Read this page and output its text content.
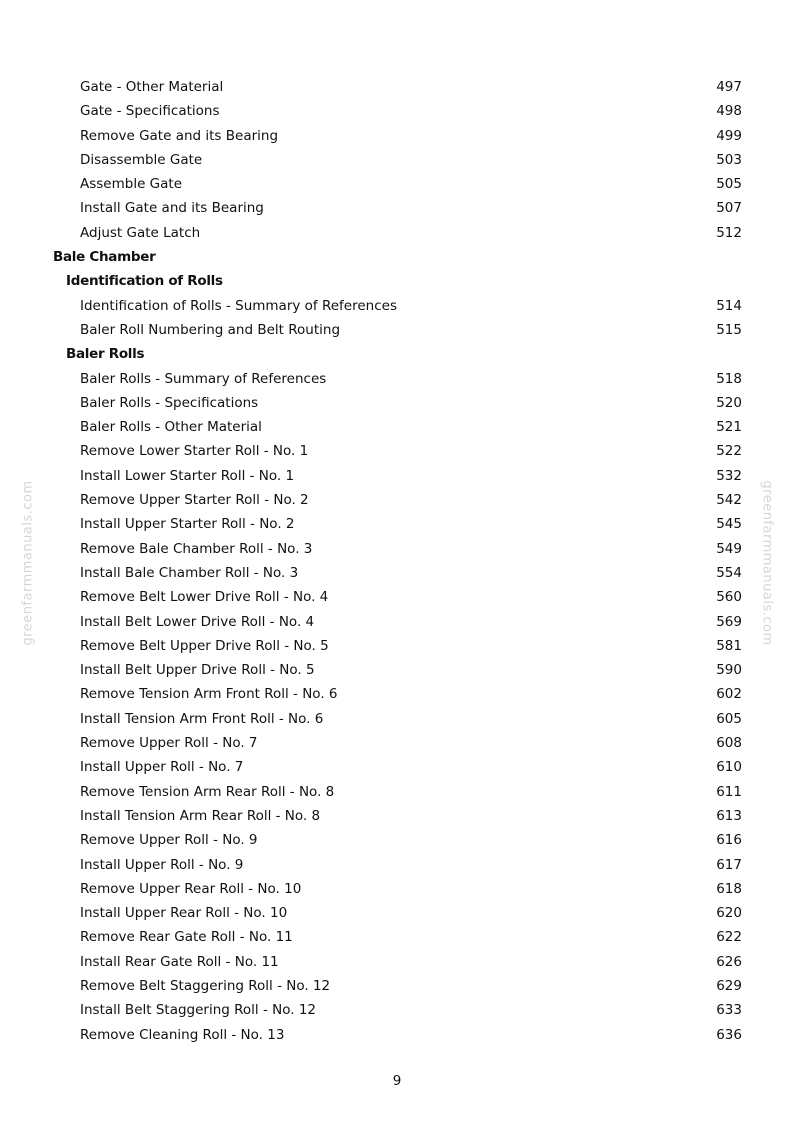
greenfarmmanuals.com	greenfarmmanuals.com
Gate - Other Material	497
Gate - Specifications	498
Remove Gate and its Bearing	499
Disassemble Gate	503
Assemble Gate	505
Install Gate and its Bearing	507
Adjust Gate Latch	512
Bale Chamber
Identification of Rolls
Identification of Rolls - Summary of References	514
Baler Roll Numbering and Belt Routing	515
Baler Rolls
Baler Rolls - Summary of References	518
Baler Rolls - Specifications	520
Baler Rolls - Other Material	521
Remove Lower Starter Roll - No. 1	522
Install Lower Starter Roll - No. 1	532
Remove Upper Starter Roll - No. 2	542
Install Upper Starter Roll - No. 2	545
Remove Bale Chamber Roll - No. 3	549
Install Bale Chamber Roll - No. 3	554
Remove Belt Lower Drive Roll - No. 4	560
Install Belt Lower Drive Roll - No. 4	569
Remove Belt Upper Drive Roll - No. 5	581
Install Belt Upper Drive Roll - No. 5	590
Remove Tension Arm Front Roll - No. 6	602
Install Tension Arm Front Roll - No. 6	605
Remove Upper Roll - No. 7	608
Install Upper Roll - No. 7	610
Remove Tension Arm Rear Roll - No. 8	611
Install Tension Arm Rear Roll - No. 8	613
Remove Upper Roll - No. 9	616
Install Upper Roll - No. 9	617
Remove Upper Rear Roll - No. 10	618
Install Upper Rear Roll - No. 10	620
Remove Rear Gate Roll - No. 11	622
Install Rear Gate Roll - No. 11	626
Remove Belt Staggering Roll - No. 12	629
Install Belt Staggering Roll - No. 12	633
Remove Cleaning Roll - No. 13	636
9
